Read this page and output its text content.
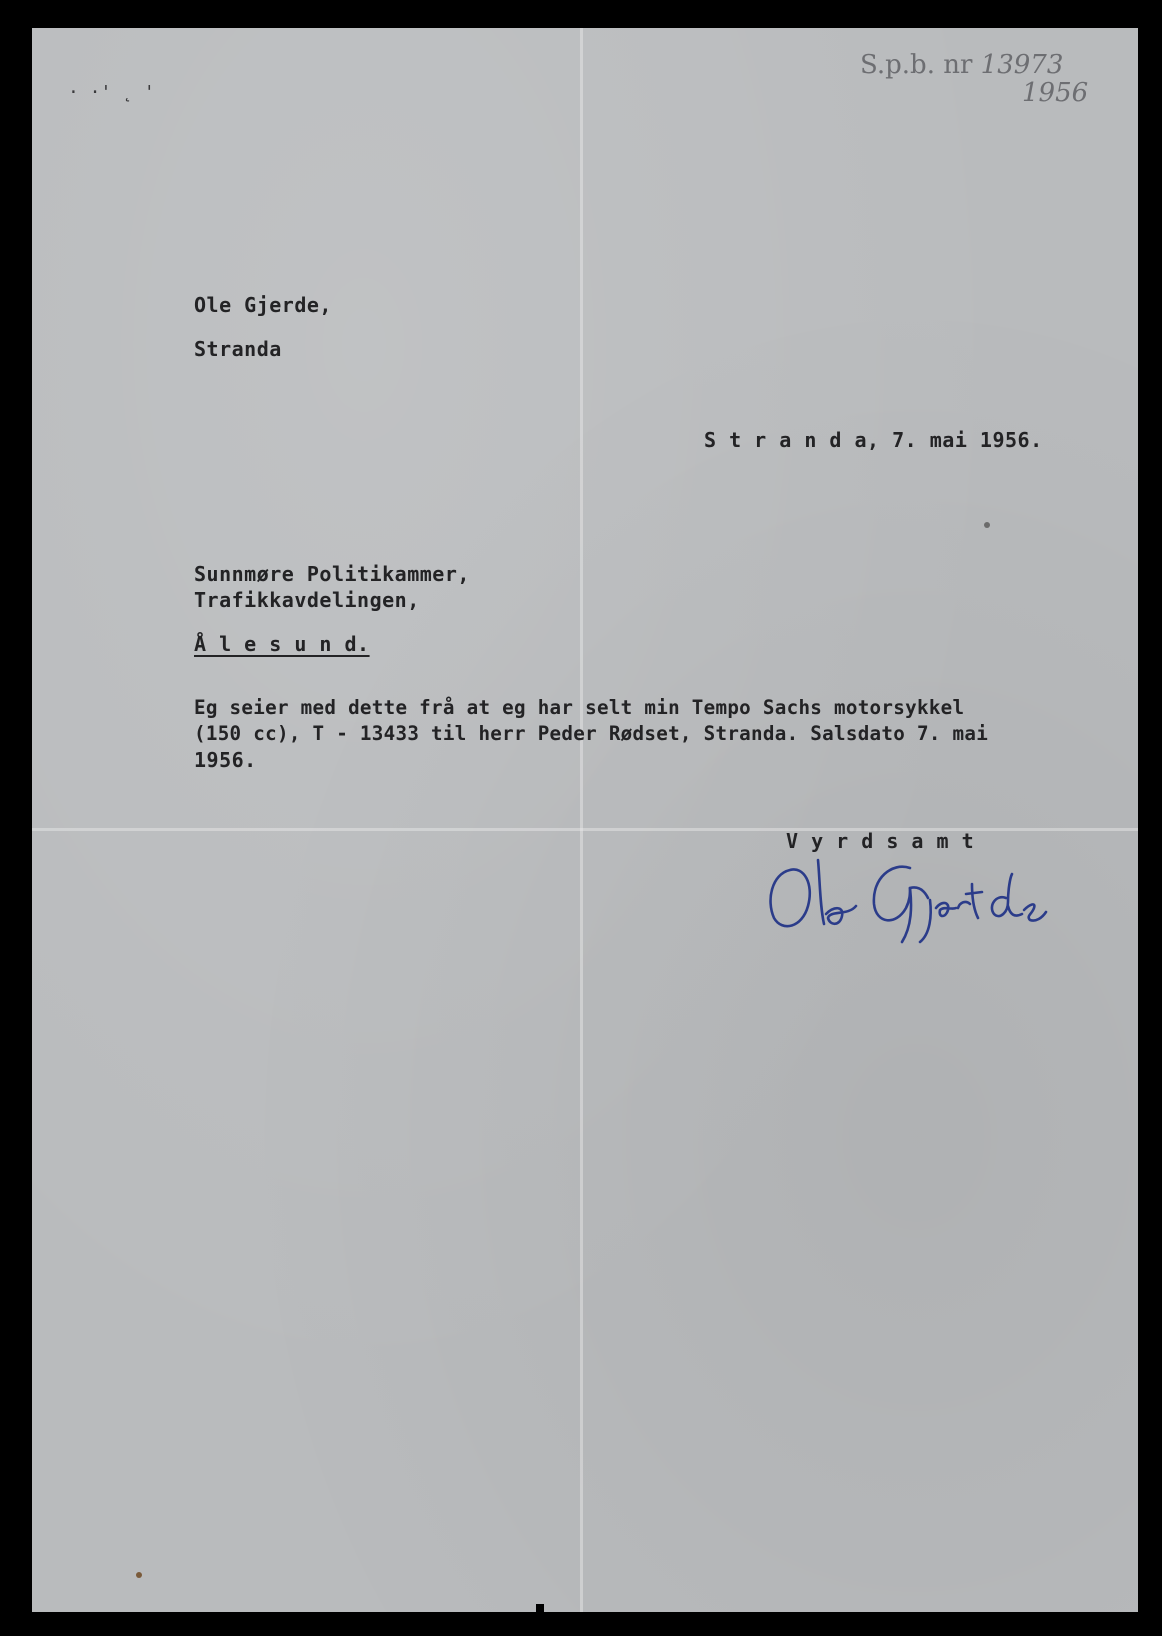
· ·' ˛ '
S.p.b. nr 13973
1956
Ole Gjerde,
Stranda
S t r a n d a, 7. mai 1956.
Sunnmøre Politikammer,
Trafikkavdelingen,
Å l e s u n d.
Eg seier med dette frå at eg har selt min Tempo Sachs motorsykkel
(150 cc), T - 13433 til herr Peder Rødset, Stranda. Salsdato 7. mai
1956.
V y r d s a m t
